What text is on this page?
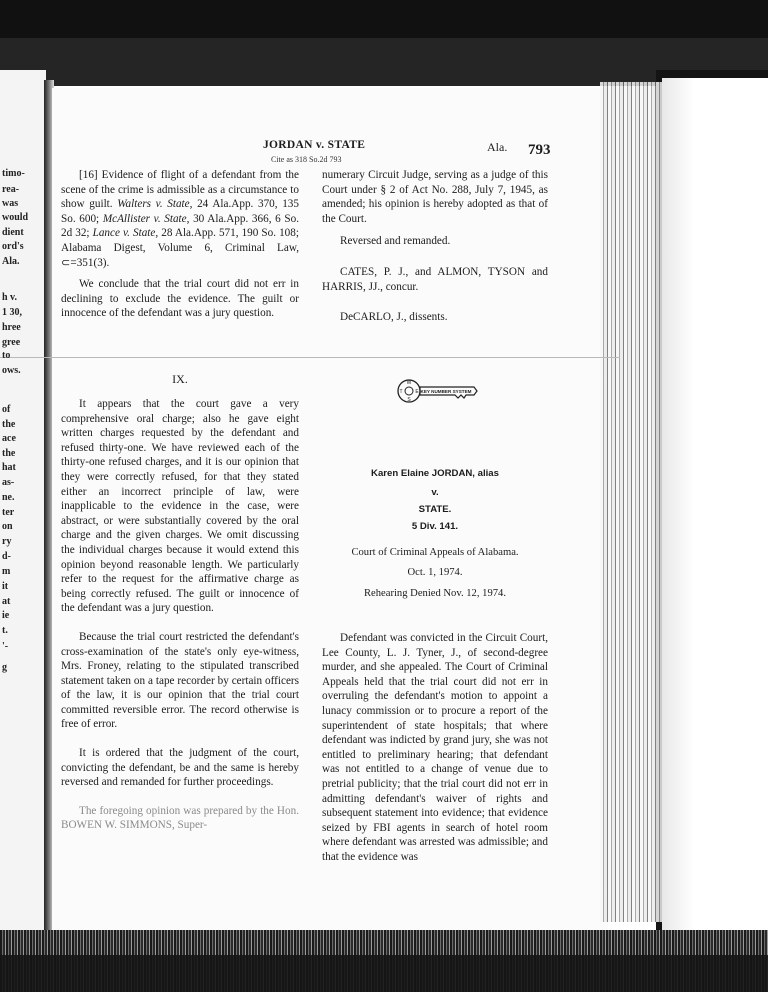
timo-
rea-
was
would
dient
ord's
Ala.
h v.
1 30,
hree
gree
to
ows.
of
the
ace
the
hat
as-
ne.
ter
on
ry
d-
m
it
at
ie
t.
'-
g
JORDAN v. STATE
Cite as 318 So.2d 793
Ala. 793

[16] Evidence of flight of a defendant from the scene of the crime is admissible as a circumstance to show guilt. Walters v. State, 24 Ala.App. 370, 135 So. 600; McAllister v. State, 30 Ala.App. 366, 6 So. 2d 32; Lance v. State, 28 Ala.App. 571, 190 So. 108; Alabama Digest, Volume 6, Criminal Law, ⊂=351(3).

We conclude that the trial court did not err in declining to exclude the evidence. The guilt or innocence of the defendant was a jury question.

IX.

It appears that the court gave a very comprehensive oral charge; also he gave eight written charges requested by the defendant and refused thirty-one. We have reviewed each of the thirty-one refused charges, and it is our opinion that they were correctly refused, for that they stated either an incorrect principle of law, were inapplicable to the evidence in the case, were abstract, or were substantially covered by the oral charge and the given charges. We omit discussing the individual charges because it would extend this opinion beyond reasonable length. We particularly refer to the request for the affirmative charge as being correctly refused. The guilt or innocence of the defendant was a jury question.

Because the trial court restricted the defendant's cross-examination of the state's only eye-witness, Mrs. Froney, relating to the stipulated transcribed statement taken on a tape recorder by certain officers of the law, it is our opinion that the trial court committed reversible error. The record otherwise is free of error.

It is ordered that the judgment of the court, convicting the defendant, be and the same is hereby reversed and remanded for further proceedings.

The foregoing opinion was prepared by the Hon. BOWEN W. SIMMONS, Super-

numerary Circuit Judge, serving as a judge of this Court under § 2 of Act No. 288, July 7, 1945, as amended; his opinion is hereby adopted as that of the Court.

Reversed and remanded.

CATES, P. J., and ALMON, TYSON and HARRIS, JJ., concur.

DeCARLO, J., dissents.

W
E
S
T	KEY NUMBER SYSTEM
Karen Elaine JORDAN, alias
v.
STATE.
5 Div. 141.
Court of Criminal Appeals of Alabama.
Oct. 1, 1974.
Rehearing Denied Nov. 12, 1974.

Defendant was convicted in the Circuit Court, Lee County, L. J. Tyner, J., of second-degree murder, and she appealed. The Court of Criminal Appeals held that the trial court did not err in overruling the defendant's motion to appoint a lunacy commission or to procure a report of the superintendent of state hospitals; that where defendant was indicted by grand jury, she was not entitled to preliminary hearing; that defendant was not entitled to a change of venue due to pretrial publicity; that the trial court did not err in admitting defendant's waiver of rights and subsequent statement into evidence; that evidence seized by FBI agents in search of hotel room where defendant was arrested was admissible; and that the evidence was
